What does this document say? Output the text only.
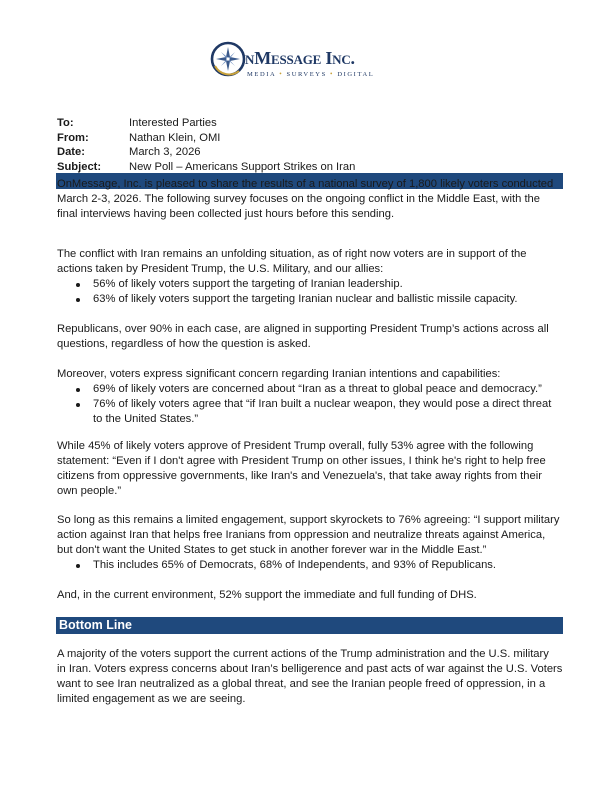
nMessage Inc.
MEDIA • SURVEYS • DIGITAL
To:	Interested Parties
From:	Nathan Klein, OMI
Date:	March 3, 2026
Subject: New Poll – Americans Support Strikes on Iran
OnMessage, Inc. is pleased to share the results of a national survey of 1,800 likely voters conducted
March 2-3, 2026. The following survey focuses on the ongoing conflict in the Middle East, with the
final interviews having been collected just hours before this sending.
The conflict with Iran remains an unfolding situation, as of right now voters are in support of the
actions taken by President Trump, the U.S. Military, and our allies:
56% of likely voters support the targeting of Iranian leadership.
63% of likely voters support the targeting Iranian nuclear and ballistic missile capacity.
Republicans, over 90% in each case, are aligned in supporting President Trump’s actions across all
questions, regardless of how the question is asked.
Moreover, voters express significant concern regarding Iranian intentions and capabilities:
69% of likely voters are concerned about “Iran as a threat to global peace and democracy.”
76% of likely voters agree that “if Iran built a nuclear weapon, they would pose a direct threat
to the United States.”
While 45% of likely voters approve of President Trump overall, fully 53% agree with the following
statement: “Even if I don't agree with President Trump on other issues, I think he's right to help free
citizens from oppressive governments, like Iran's and Venezuela's, that take away rights from their
own people.”
So long as this remains a limited engagement, support skyrockets to 76% agreeing: “I support military
action against Iran that helps free Iranians from oppression and neutralize threats against America,
but don't want the United States to get stuck in another forever war in the Middle East.”
This includes 65% of Democrats, 68% of Independents, and 93% of Republicans.
And, in the current environment, 52% support the immediate and full funding of DHS.
Bottom Line
A majority of the voters support the current actions of the Trump administration and the U.S. military
in Iran. Voters express concerns about Iran’s belligerence and past acts of war against the U.S. Voters
want to see Iran neutralized as a global threat, and see the Iranian people freed of oppression, in a
limited engagement as we are seeing.
